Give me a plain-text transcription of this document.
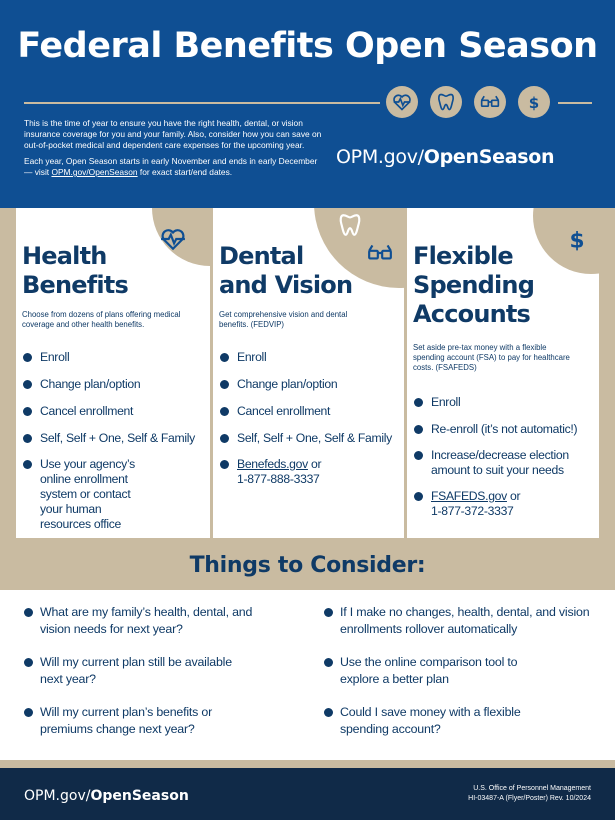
Federal Benefits Open Season
$

This is the time of year to ensure you have the right health, dental, or vision insurance coverage for you and your family. Also, consider how you can save on out-of-pocket medical and dependent care expenses for the upcoming year.

Each year, Open Season starts in early November and ends in early December — visit OPM.gov/OpenSeason for exact start/end dates.

OPM.gov/OpenSeason
Health
Benefits
Choose from dozens of plans offering medical coverage and other health benefits.
Enroll
Change plan/option
Cancel enrollment
Self, Self + One, Self & Family
Use your agency’s online enrollment system or contact your human resources office
Dental
and Vision
Get comprehensive vision and dental benefits. (FEDVIP)
Enroll
Change plan/option
Cancel enrollment
Self, Self + One, Self & Family
Benefeds.gov or
1-877-888-3337
$
Flexible
Spending
Accounts
Set aside pre-tax money with a flexible spending account (FSA) to pay for healthcare costs. (FSAFEDS)
Enroll
Re-enroll (it’s not automatic!)
Increase/decrease election amount to suit your needs
FSAFEDS.gov or
1-877-372-3337
Things to Consider:
What are my family’s health, dental, and vision needs for next year?
Will my current plan still be available next year?
Will my current plan’s benefits or premiums change next year?
If I make no changes, health, dental, and vision enrollments rollover automatically
Use the online comparison tool to explore a better plan
Could I save money with a flexible spending account?
OPM.gov/OpenSeason	U.S. Office of Personnel Management
HI-03487-A (Flyer/Poster) Rev. 10/2024
